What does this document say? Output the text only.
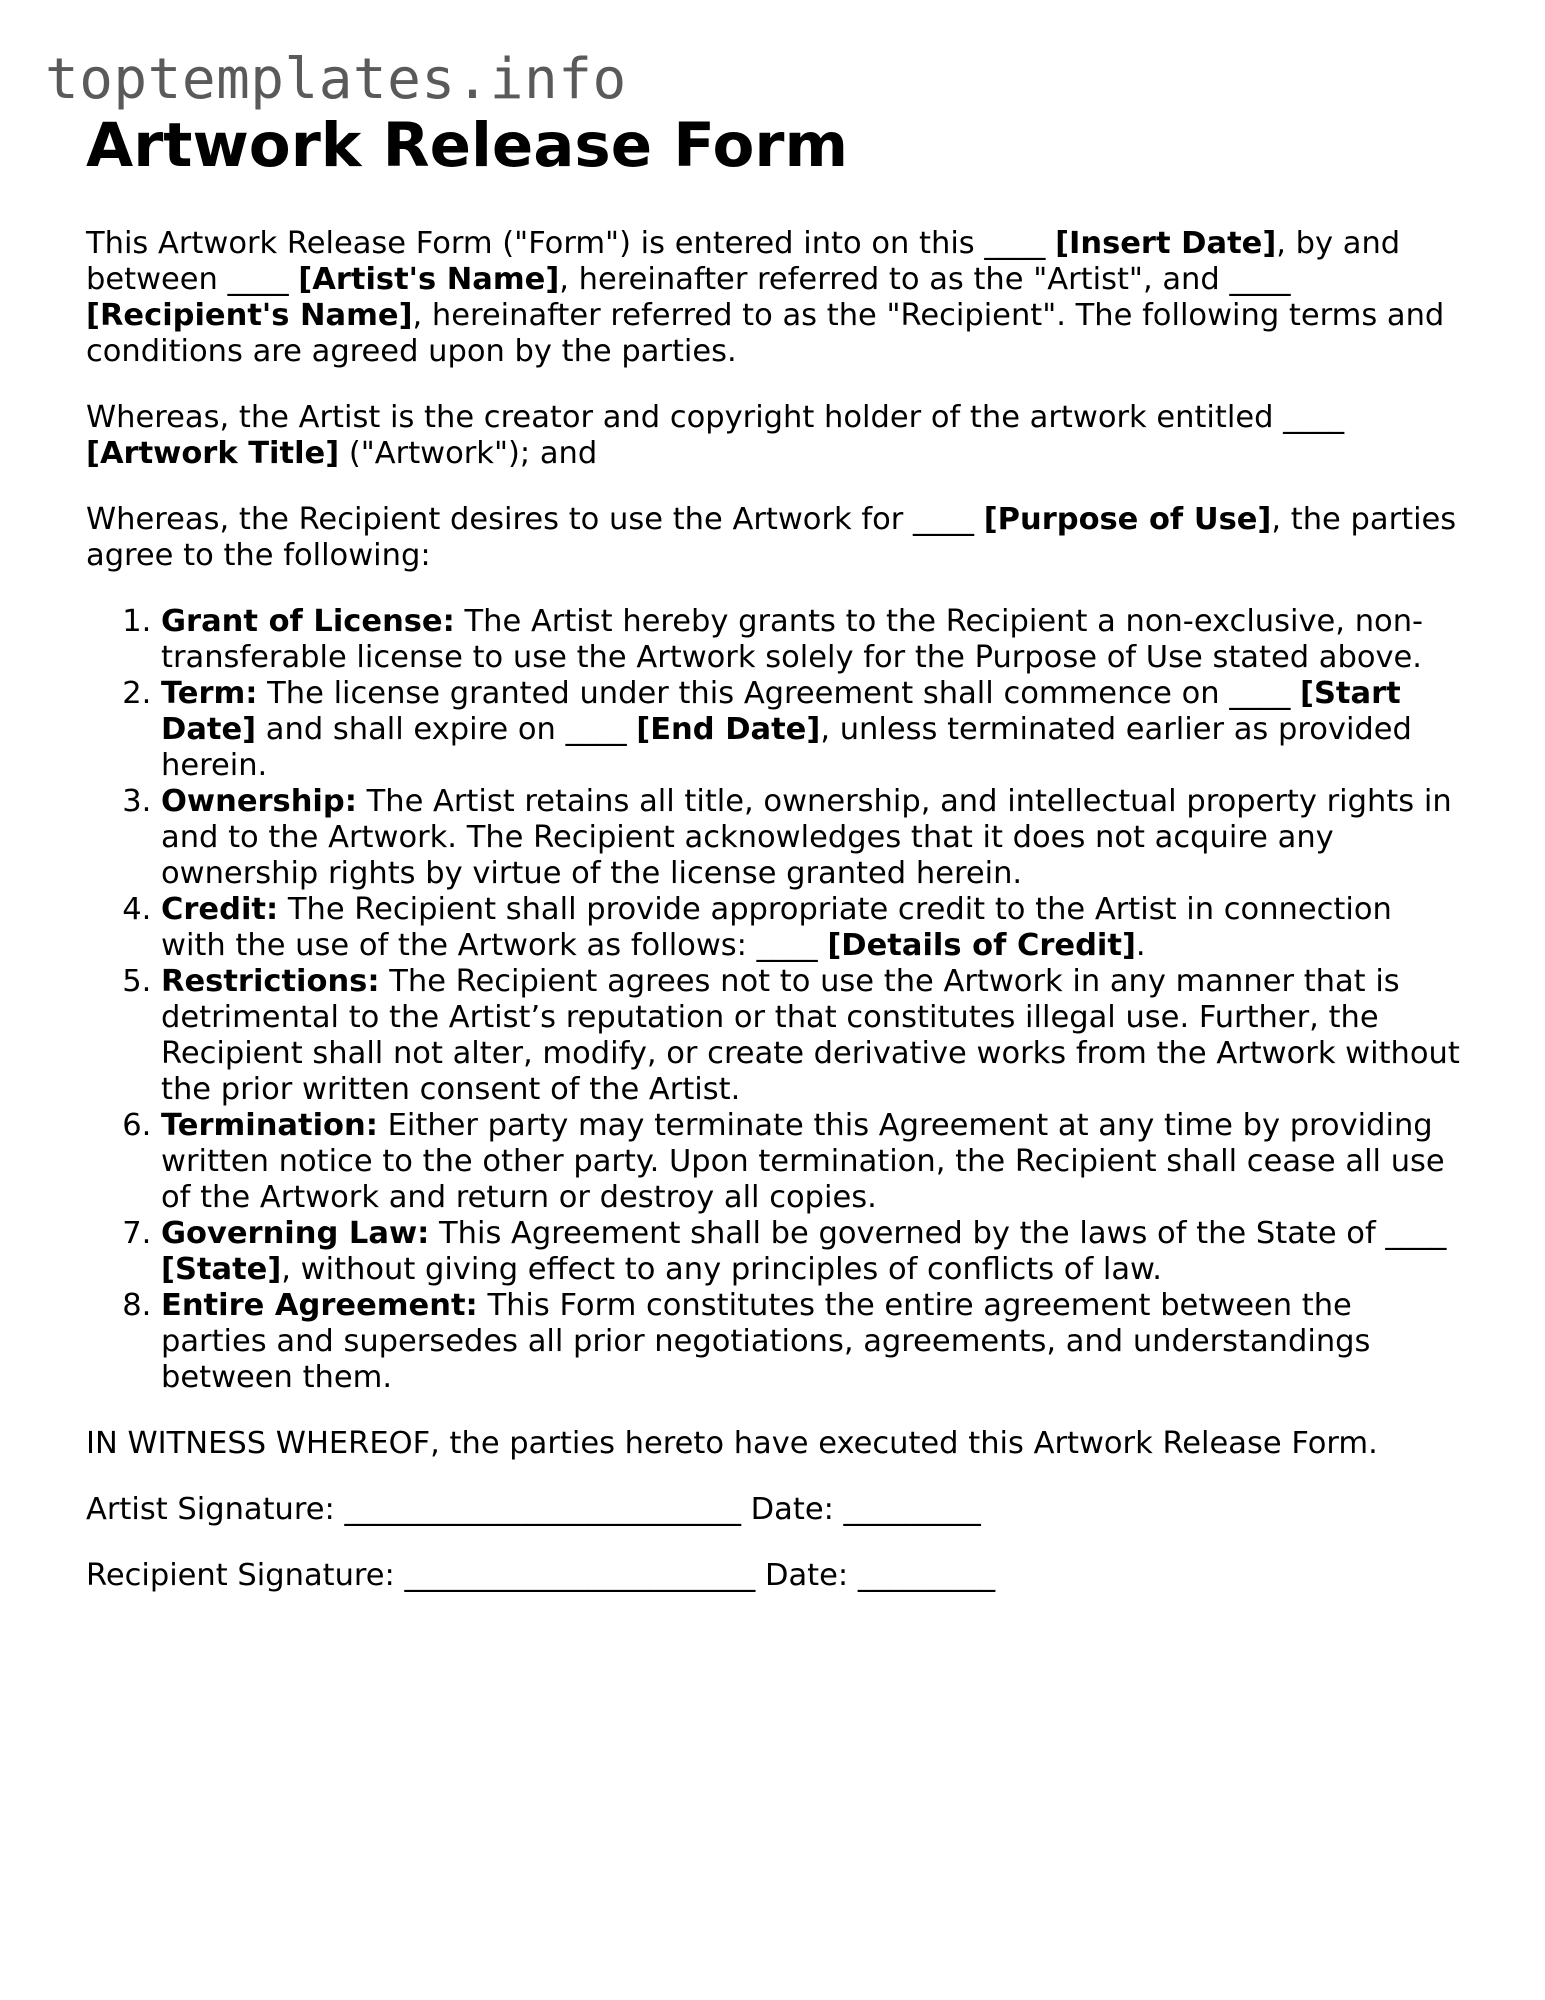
toptemplates.info
Artwork Release Form

This Artwork Release Form ("Form") is entered into on this ____ [Insert Date], by and between ____ [Artist's Name], hereinafter referred to as the "Artist", and ____ [Recipient's Name], hereinafter referred to as the "Recipient". The following terms and conditions are agreed upon by the parties.

Whereas, the Artist is the creator and copyright holder of the artwork entitled ____ [Artwork Title] ("Artwork"); and

Whereas, the Recipient desires to use the Artwork for ____ [Purpose of Use], the parties agree to the following:

1. Grant of License: The Artist hereby grants to the Recipient a non-exclusive, non-transferable license to use the Artwork solely for the Purpose of Use stated above.
2. Term: The license granted under this Agreement shall commence on ____ [Start Date] and shall expire on ____ [End Date], unless terminated earlier as provided herein.
3. Ownership: The Artist retains all title, ownership, and intellectual property rights in and to the Artwork. The Recipient acknowledges that it does not acquire any ownership rights by virtue of the license granted herein.
4. Credit: The Recipient shall provide appropriate credit to the Artist in connection with the use of the Artwork as follows: ____ [Details of Credit].
5. Restrictions: The Recipient agrees not to use the Artwork in any manner that is detrimental to the Artist’s reputation or that constitutes illegal use. Further, the Recipient shall not alter, modify, or create derivative works from the Artwork without the prior written consent of the Artist.
6. Termination: Either party may terminate this Agreement at any time by providing written notice to the other party. Upon termination, the Recipient shall cease all use of the Artwork and return or destroy all copies.
7. Governing Law: This Agreement shall be governed by the laws of the State of ____ [State], without giving effect to any principles of conflicts of law.
8. Entire Agreement: This Form constitutes the entire agreement between the parties and supersedes all prior negotiations, agreements, and understandings between them.

IN WITNESS WHEREOF, the parties hereto have executed this Artwork Release Form.

Artist Signature: __________________________ Date: _________

Recipient Signature: _______________________ Date: _________
